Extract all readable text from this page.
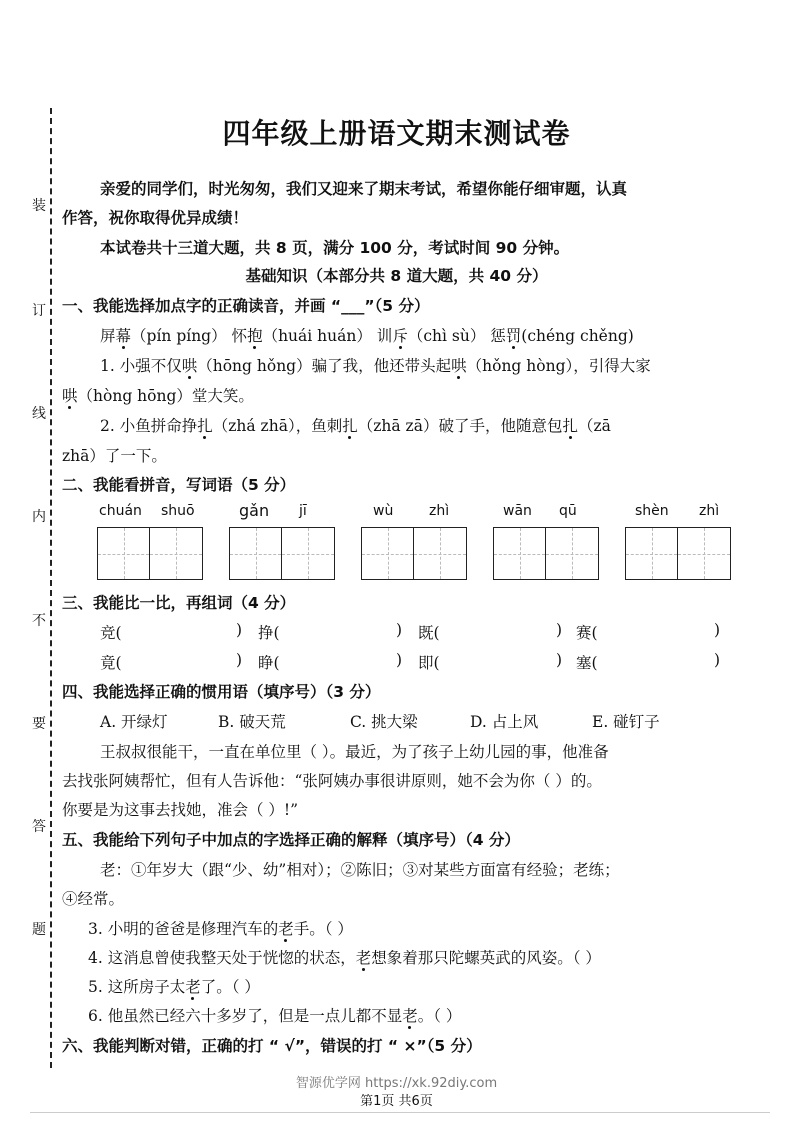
装
订
线
内
不
要
答
题
四年级上册语文期末测试卷
亲爱的同学们，时光匆匆，我们又迎来了期末考试，希望你能仔细审题，认真
作答，祝你取得优异成绩！
本试卷共十三道大题，共 8 页，满分 100 分，考试时间 90 分钟。
基础知识（本部分共 8 道大题，共 40 分）
一、我能选择加点字的正确读音，并画 “___”（5 分）
屏幕（pín píng） 怀抱（huái huán） 训斥（chì sù） 惩罚(chéng chěng)
1. 小强不仅哄（hōng hǒng）骗了我，他还带头起哄（hǒng hòng），引得大家
哄（hòng hōng）堂大笑。
2. 小鱼拼命挣扎（zhá zhā），鱼刺扎（zhā zā）破了手，他随意包扎（zā
zhā）了一下。
二、我能看拼音，写词语（5 分）
chuán shuō	gǎn jī	wù	zhì	wān qū	shèn zhì
三、我能比一比，再组词（4 分）
竞(	) 挣(	) 既(	) 赛(	)
竟(	) 睁(	) 即(	) 塞(	)
四、我能选择正确的惯用语（填序号）（3 分）
A. 开绿灯	B. 破天荒	C. 挑大梁	D. 占上风	E. 碰钉子
王叔叔很能干，一直在单位里（ ）。最近，为了孩子上幼儿园的事，他准备
去找张阿姨帮忙，但有人告诉他：“张阿姨办事很讲原则，她不会为你（ ）的。
你要是为这事去找她，准会（ ）!”
五、我能给下列句子中加点的字选择正确的解释（填序号）（4 分）
老：①年岁大（跟“少、幼”相对）；②陈旧；③对某些方面富有经验；老练；
④经常。
3. 小明的爸爸是修理汽车的老手。（ ）
4. 这消息曾使我整天处于恍惚的状态，老想象着那只陀螺英武的风姿。（ ）
5. 这所房子太老了。（ ）
6. 他虽然已经六十多岁了，但是一点儿都不显老。（ ）
六、我能判断对错，正确的打 “ √”，错误的打 “ ×”（5 分）
智源优学网 https://xk.92diy.com
第1页 共6页
